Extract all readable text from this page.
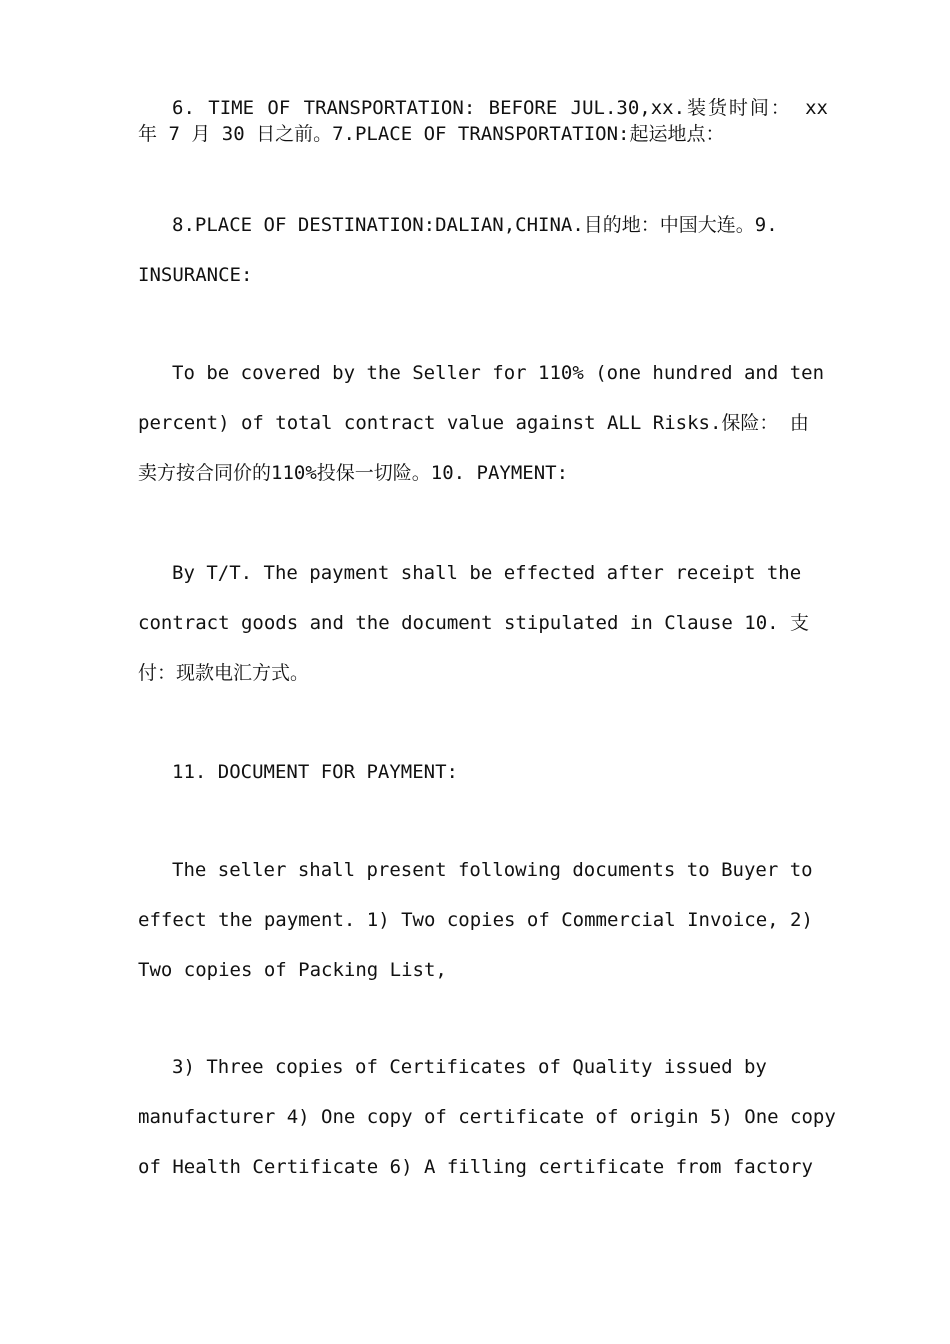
6. TIME OF TRANSPORTATION: BEFORE JUL.30,xx.装货时间： xx
年 7 月 30 日之前。7.PLACE OF TRANSPORTATION:起运地点：
8.PLACE OF DESTINATION:DALIAN,CHINA.目的地：中国大连。9.
INSURANCE:
To be covered by the Seller for 110% (one hundred and ten
percent) of total contract value against ALL Risks.保险： 由
卖方按合同价的110%投保一切险。10. PAYMENT:
By T/T. The payment shall be effected after receipt the
contract goods and the document stipulated in Clause 10. 支
付：现款电汇方式。
11. DOCUMENT FOR PAYMENT:
The seller shall present following documents to Buyer to
effect the payment. 1) Two copies of Commercial Invoice, 2)
Two copies of Packing List,
3) Three copies of Certificates of Quality issued by
manufacturer 4) One copy of certificate of origin 5) One copy
of Health Certificate 6) A filling certificate from factory
